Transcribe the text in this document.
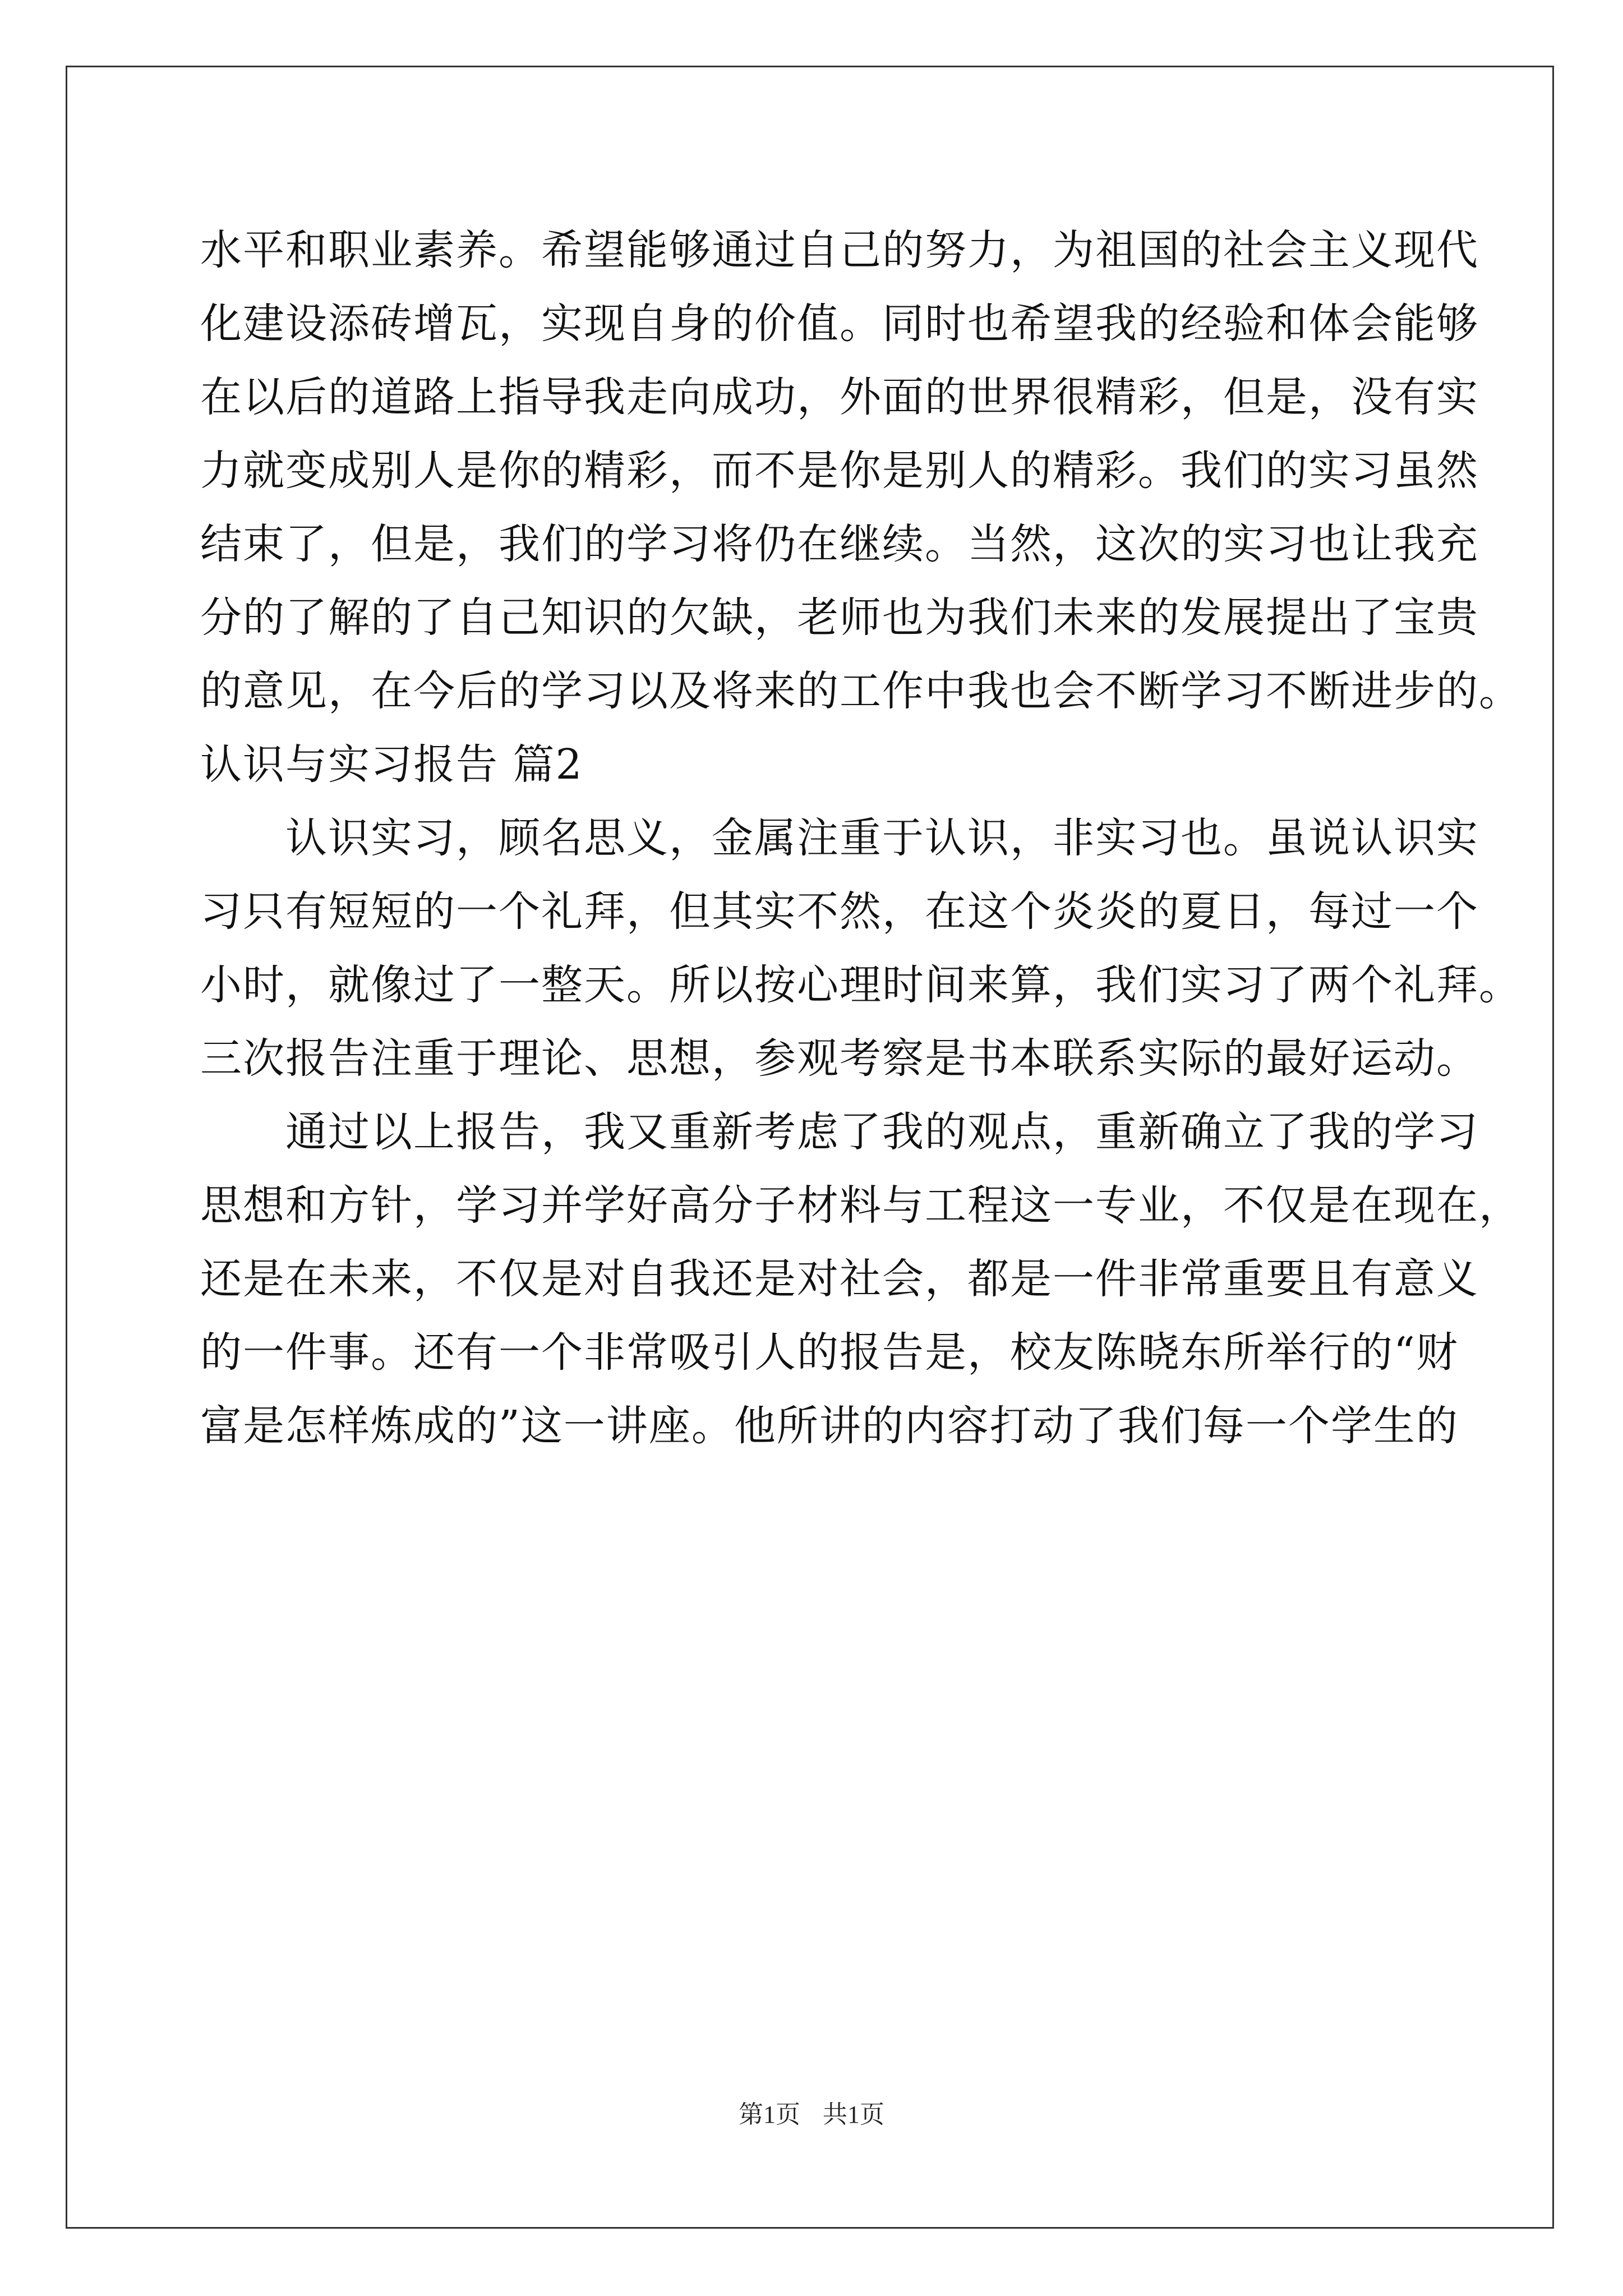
水平和职业素养。希望能够通过自己的努力，为祖国的社会主义现代
化建设添砖增瓦，实现自身的价值。同时也希望我的经验和体会能够
在以后的道路上指导我走向成功，外面的世界很精彩，但是，没有实
力就变成别人是你的精彩，而不是你是别人的精彩。我们的实习虽然
结束了，但是，我们的学习将仍在继续。当然，这次的实习也让我充
分的了解的了自己知识的欠缺，老师也为我们未来的发展提出了宝贵
的意见，在今后的学习以及将来的工作中我也会不断学习不断进步的。
认识与实习报告 篇2
　　认识实习，顾名思义，金属注重于认识，非实习也。虽说认识实
习只有短短的一个礼拜，但其实不然，在这个炎炎的夏日，每过一个
小时，就像过了一整天。所以按心理时间来算，我们实习了两个礼拜。
三次报告注重于理论、思想，参观考察是书本联系实际的最好运动。
　　通过以上报告，我又重新考虑了我的观点，重新确立了我的学习
思想和方针，学习并学好高分子材料与工程这一专业，不仅是在现在，
还是在未来，不仅是对自我还是对社会，都是一件非常重要且有意义
的一件事。还有一个非常吸引人的报告是，校友陈晓东所举行的“财
富是怎样炼成的”这一讲座。他所讲的内容打动了我们每一个学生的
第1页 共1页
